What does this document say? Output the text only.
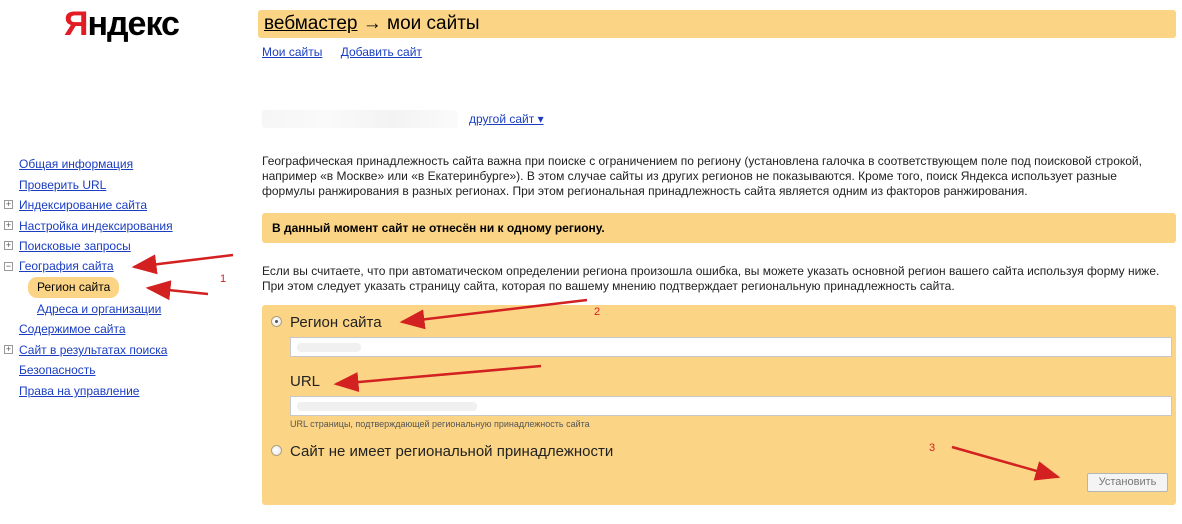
Яндекс	вебмастер → мои сайты
Мои сайты Добавить сайт
другой сайт ▾
Общая информация
Проверить URL
+ Индексирование сайта
+ Настройка индексирования
+ Поисковые запросы
− География сайта
Регион сайта
Адреса и организации
Содержимое сайта
+ Сайт в результатах поиска
Безопасность
Права на управление
Географическая принадлежность сайта важна при поиске с ограничением по региону (установлена галочка в соответствующем поле под поисковой строкой, например «в Москве» или «в Екатеринбурге»). В этом случае сайты из других регионов не показываются. Кроме того, поиск Яндекса использует разные формулы ранжирования в разных регионах. При этом региональная принадлежность сайта является одним из факторов ранжирования.
В данный момент сайт не отнесён ни к одному региону.
Если вы считаете, что при автоматическом определении региона произошла ошибка, вы можете указать основной регион вашего сайта используя форму ниже. При этом следует указать страницу сайта, которая по вашему мнению подтверждает региональную принадлежность сайта.
Регион сайта
URL
URL страницы, подтверждающей региональную принадлежность сайта
Сайт не имеет региональной принадлежности
Установить
1
2
3
